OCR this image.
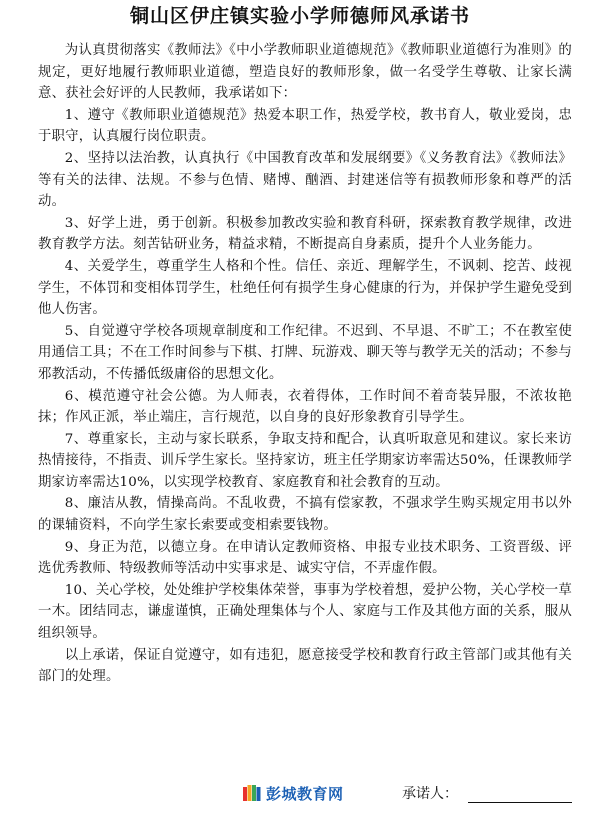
铜山区伊庄镇实验小学师德师风承诺书

为认真贯彻落实《教师法》《中小学教师职业道德规范》《教师职业道德行为准则》的规定，更好地履行教师职业道德，塑造良好的教师形象，做一名受学生尊敬、让家长满意、获社会好评的人民教师，我承诺如下：

1、遵守《教师职业道德规范》热爱本职工作，热爱学校，教书育人，敬业爱岗，忠于职守，认真履行岗位职责。

2、坚持以法治教，认真执行《中国教育改革和发展纲要》《义务教育法》《教师法》等有关的法律、法规。不参与色情、赌博、酗酒、封建迷信等有损教师形象和尊严的活动。

3、好学上进，勇于创新。积极参加教改实验和教育科研，探索教育教学规律，改进教育教学方法。刻苦钻研业务，精益求精，不断提高自身素质，提升个人业务能力。

4、关爱学生，尊重学生人格和个性。信任、亲近、理解学生，不讽刺、挖苦、歧视学生，不体罚和变相体罚学生，杜绝任何有损学生身心健康的行为，并保护学生避免受到他人伤害。

5、自觉遵守学校各项规章制度和工作纪律。不迟到、不早退、不旷工；不在教室使用通信工具；不在工作时间参与下棋、打牌、玩游戏、聊天等与教学无关的活动；不参与邪教活动，不传播低级庸俗的思想文化。

6、模范遵守社会公德。为人师表，衣着得体，工作时间不着奇装异服，不浓妆艳抹；作风正派，举止端庄，言行规范，以自身的良好形象教育引导学生。

7、尊重家长，主动与家长联系，争取支持和配合，认真听取意见和建议。家长来访热情接待，不指责、训斥学生家长。坚持家访，班主任学期家访率需达50%，任课教师学期家访率需达10%，以实现学校教育、家庭教育和社会教育的互动。

8、廉洁从教，情操高尚。不乱收费，不搞有偿家教，不强求学生购买规定用书以外的课辅资料，不向学生家长索要或变相索要钱物。

9、身正为范，以德立身。在申请认定教师资格、申报专业技术职务、工资晋级、评选优秀教师、特级教师等活动中实事求是、诚实守信，不弄虚作假。

10、关心学校，处处维护学校集体荣誉，事事为学校着想，爱护公物，关心学校一草一木。团结同志，谦虚谨慎，正确处理集体与个人、家庭与工作及其他方面的关系，服从组织领导。

以上承诺，保证自觉遵守，如有违犯，愿意接受学校和教育行政主管部门或其他有关部门的处理。

彭城教育网	承诺人：
